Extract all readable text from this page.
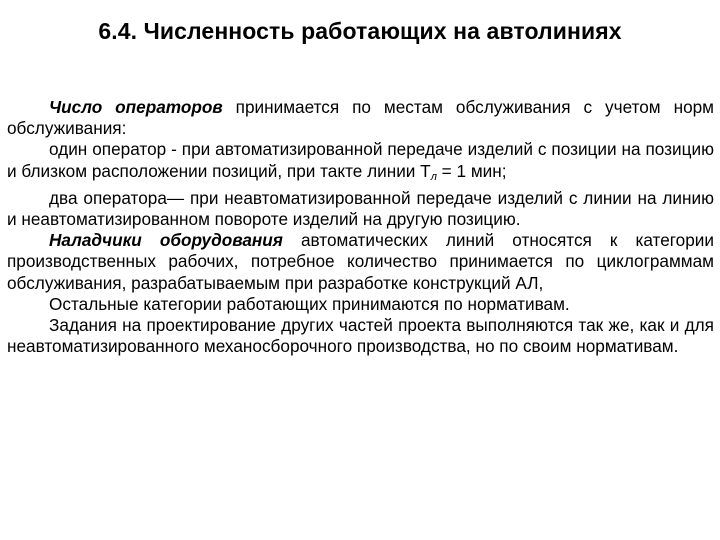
6.4. Численность работающих на автолиниях

Число операторов принимается по местам обслуживания с учетом норм обслуживания:

один оператор - при автоматизированной передаче изделий с позиции на позицию и близком расположении позиций, при такте линии $Т_л = 1$ мин;

два оператора— при неавтоматизированной передаче изделий с линии на линию и неавтоматизированном повороте изделий на другую позицию.

Наладчики оборудования автоматических линий относятся к категории производственных рабочих, потребное количество принимается по циклограммам обслуживания, разрабатываемым при разработке конструкций АЛ,

Остальные категории работающих принимаются по нормативам.

Задания на проектирование других частей проекта выполняются так же, как и для неавтоматизированного механосборочного производства, но по своим нормативам.
